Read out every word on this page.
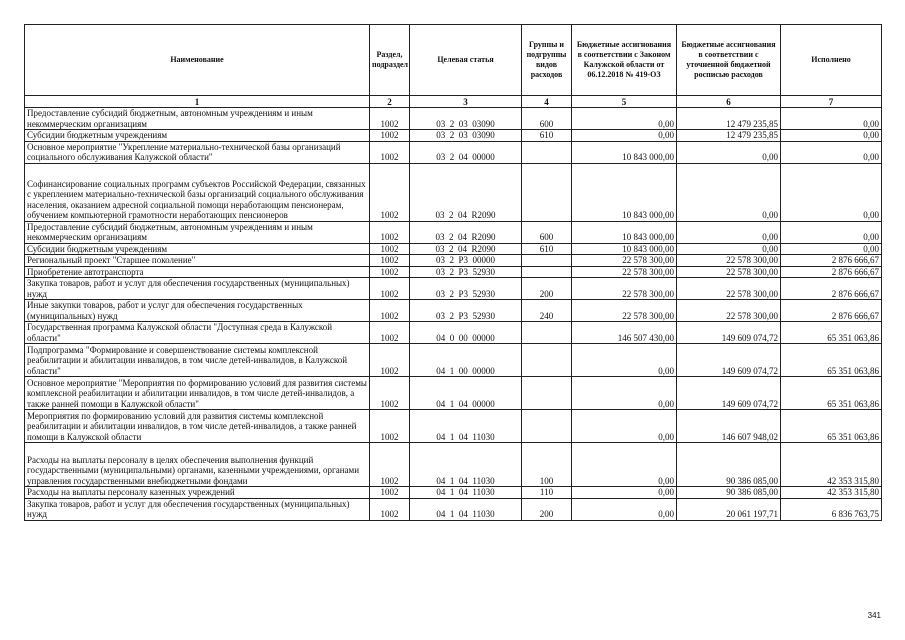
Наименование	Раздел, подраздел	Целевая статья	Группы и подгруппы видов расходов	Бюджетные ассигнования в соответствии с Законом Калужской области от 06.12.2018 № 419-ОЗ	Бюджетные ассигнования в соответствии с уточненной бюджетной росписью расходов	Исполнено
1	2	3	4	5	6	7
Предоставление субсидий бюджетным, автономным учреждениям и иным некоммерческим организациям	1002	03  2  03  03090	600	0,00	12 479 235,85	0,00
Субсидии бюджетным учреждениям	1002	03  2  03  03090	610	0,00	12 479 235,85	0,00
Основное мероприятие "Укрепление материально-технической базы организаций социального обслуживания Калужской области"	1002	03  2  04  00000		10 843 000,00	0,00	0,00
Софинансирование социальных программ субъектов Российской Федерации, связанных с укреплением материально-технической базы организаций социального обслуживания населения, оказанием адресной социальной помощи неработающим пенсионерам, обучением компьютерной грамотности неработающих пенсионеров	1002	03  2  04  R2090		10 843 000,00	0,00	0,00
Предоставление субсидий бюджетным, автономным учреждениям и иным некоммерческим организациям	1002	03  2  04  R2090	600	10 843 000,00	0,00	0,00
Субсидии бюджетным учреждениям	1002	03  2  04  R2090	610	10 843 000,00	0,00	0,00
Региональный проект "Старшее поколение"	1002	03  2  P3  00000		22 578 300,00	22 578 300,00	2 876 666,67
Приобретение автотранспорта	1002	03  2  P3  52930		22 578 300,00	22 578 300,00	2 876 666,67
Закупка товаров, работ и услуг для обеспечения государственных (муниципальных) нужд	1002	03  2  P3  52930	200	22 578 300,00	22 578 300,00	2 876 666,67
Иные закупки товаров, работ и услуг для обеспечения государственных (муниципальных) нужд	1002	03  2  P3  52930	240	22 578 300,00	22 578 300,00	2 876 666,67
Государственная программа Калужской области "Доступная среда в Калужской области"	1002	04  0  00  00000		146 507 430,00	149 609 074,72	65 351 063,86
Подпрограмма "Формирование и совершенствование системы комплексной реабилитации и абилитации инвалидов, в том числе детей-инвалидов, в Калужской области"	1002	04  1  00  00000		0,00	149 609 074,72	65 351 063,86
Основное мероприятие "Мероприятия по формированию условий для развития системы комплексной реабилитации и абилитации инвалидов, в том числе детей-инвалидов, а также ранней помощи в Калужской области"	1002	04  1  04  00000		0,00	149 609 074,72	65 351 063,86
Мероприятия по формированию условий для развития системы комплексной реабилитации и абилитации инвалидов, в том числе детей-инвалидов, а также ранней помощи в Калужской области	1002	04  1  04  11030		0,00	146 607 948,02	65 351 063,86
Расходы на выплаты персоналу в целях обеспечения выполнения функций государственными (муниципальными) органами, казенными учреждениями, органами управления государственными внебюджетными фондами	1002	04  1  04  11030	100	0,00	90 386 085,00	42 353 315,80
Расходы на выплаты персоналу казенных учреждений	1002	04  1  04  11030	110	0,00	90 386 085,00	42 353 315,80
Закупка товаров, работ и услуг для обеспечения государственных (муниципальных) нужд	1002	04  1  04  11030	200	0,00	20 061 197,71	6 836 763,75
341
